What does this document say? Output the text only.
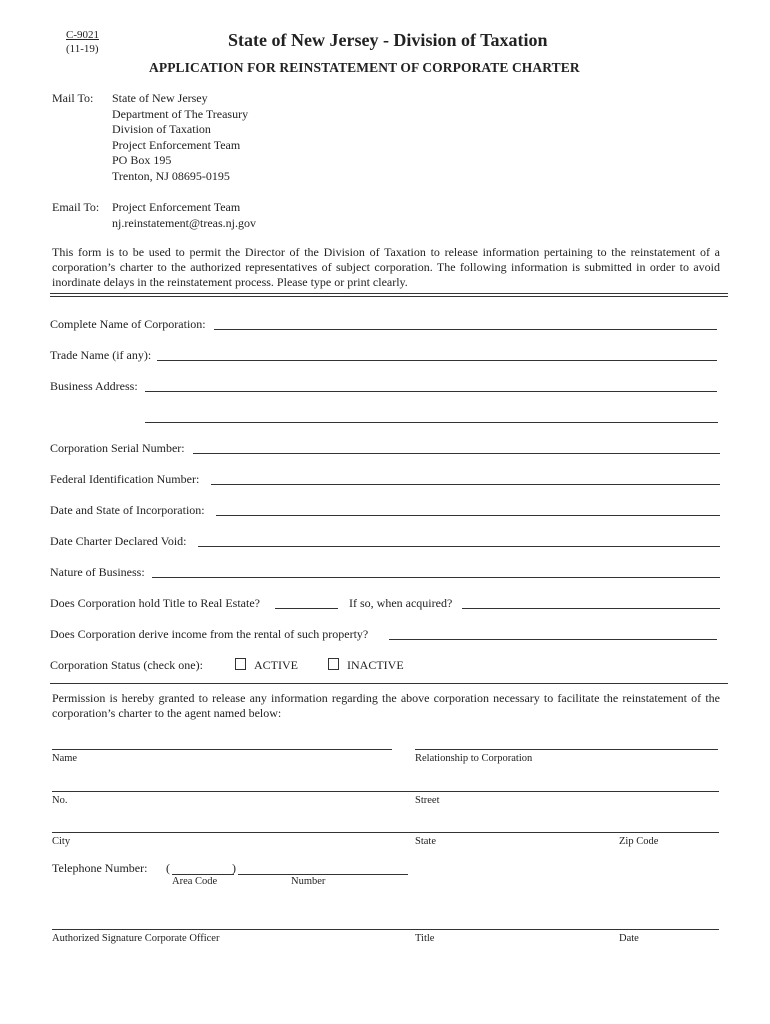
C-9021
(11-19)	State of New Jersey - Division of Taxation
APPLICATION FOR REINSTATEMENT OF CORPORATE CHARTER
Mail To: State of New Jersey
Department of The Treasury
Division of Taxation
Project Enforcement Team
PO Box 195
Trenton, NJ 08695-0195
Email To: Project Enforcement Team
nj.reinstatement@treas.nj.gov
This form is to be used to permit the Director of the Division of Taxation to release information pertaining to the reinstatement of a corporation’s charter to the authorized representatives of subject corporation. The following information is submitted in order to avoid inordinate delays in the reinstatement process. Please type or print clearly.
Complete Name of Corporation:
Trade Name (if any):
Business Address:
Corporation Serial Number:
Federal Identification Number:
Date and State of Incorporation:
Date Charter Declared Void:
Nature of Business:
Does Corporation hold Title to Real Estate?	If so, when acquired?
Does Corporation derive income from the rental of such property?
Corporation Status (check one):	ACTIVE	INACTIVE
Permission is hereby granted to release any information regarding the above corporation necessary to facilitate the reinstatement of the corporation’s charter to the agent named below:
Name	Relationship to Corporation
No.	Street
City	State	Zip Code
Telephone Number: (	)
Area Code	Number
Authorized Signature Corporate Officer	Title	Date
